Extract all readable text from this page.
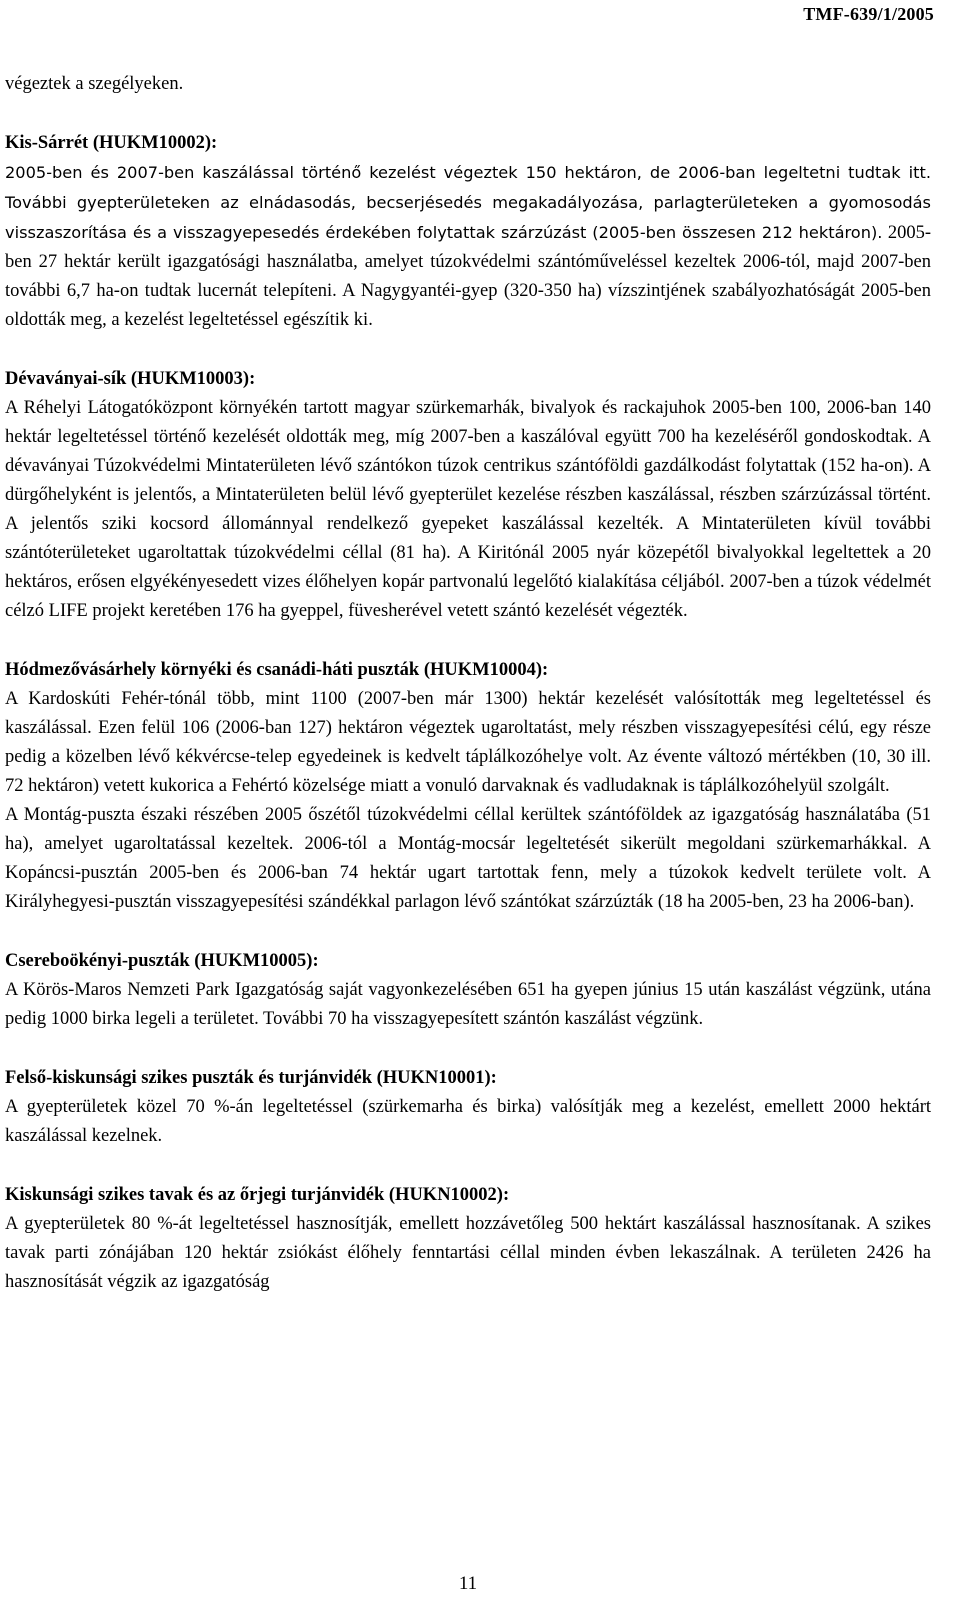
TMF-639/1/2005

végeztek a szegélyeken.

Kis-Sárrét (HUKM10002):

2005-ben és 2007-ben kaszálással történő kezelést végeztek 150 hektáron, de 2006-ban legeltetni tudtak itt. További gyepterületeken az elnádasodás, becserjésedés megakadályozása, parlagterületeken a gyomosodás visszaszorítása és a visszagyepesedés érdekében folytattak szárzúzást (2005-ben összesen 212 hektáron). 2005-ben 27 hektár került igazgatósági használatba, amelyet túzokvédelmi szántóműveléssel kezeltek 2006-tól, majd 2007-ben további 6,7 ha-on tudtak lucernát telepíteni. A Nagygyantéi-gyep (320-350 ha) vízszintjének szabályozhatóságát 2005-ben oldották meg, a kezelést legeltetéssel egészítik ki.

Dévaványai-sík (HUKM10003):

A Réhelyi Látogatóközpont környékén tartott magyar szürkemarhák, bivalyok és rackajuhok 2005-ben 100, 2006-ban 140 hektár legeltetéssel történő kezelését oldották meg, míg 2007-ben a kaszálóval együtt 700 ha kezeléséről gondoskodtak. A dévaványai Túzokvédelmi Mintaterületen lévő szántókon túzok centrikus szántóföldi gazdálkodást folytattak (152 ha-on). A dürgőhelyként is jelentős, a Mintaterületen belül lévő gyepterület kezelése részben kaszálással, részben szárzúzással történt. A jelentős sziki kocsord állománnyal rendelkező gyepeket kaszálással kezelték. A Mintaterületen kívül további szántóterületeket ugaroltattak túzokvédelmi céllal (81 ha). A Kiritónál 2005 nyár közepétől bivalyokkal legeltettek a 20 hektáros, erősen elgyékényesedett vizes élőhelyen kopár partvonalú legelőtó kialakítása céljából. 2007-ben a túzok védelmét célzó LIFE projekt keretében 176 ha gyeppel, füvesherével vetett szántó kezelését végezték.

Hódmezővásárhely környéki és csanádi-háti puszták (HUKM10004):

A Kardoskúti Fehér-tónál több, mint 1100 (2007-ben már 1300) hektár kezelését valósították meg legeltetéssel és kaszálással. Ezen felül 106 (2006-ban 127) hektáron végeztek ugaroltatást, mely részben visszagyepesítési célú, egy része pedig a közelben lévő kékvércse-telep egyedeinek is kedvelt táplálkozóhelye volt. Az évente változó mértékben (10, 30 ill. 72 hektáron) vetett kukorica a Fehértó közelsége miatt a vonuló darvaknak és vadludaknak is táplálkozóhelyül szolgált.

A Montág-puszta északi részében 2005 őszétől túzokvédelmi céllal kerültek szántóföldek az igazgatóság használatába (51 ha), amelyet ugaroltatással kezeltek. 2006-tól a Montág-mocsár legeltetését sikerült megoldani szürkemarhákkal. A Kopáncsi-pusztán 2005-ben és 2006-ban 74 hektár ugart tartottak fenn, mely a túzokok kedvelt területe volt. A Királyhegyesi-pusztán visszagyepesítési szándékkal parlagon lévő szántókat szárzúzták (18 ha 2005-ben, 23 ha 2006-ban).

Csereboökényi-puszták (HUKM10005):

A Körös-Maros Nemzeti Park Igazgatóság saját vagyonkezelésében 651 ha gyepen június 15 után kaszálást végzünk, utána pedig 1000 birka legeli a területet. További 70 ha visszagyepesített szántón kaszálást végzünk.

Felső-kiskunsági szikes puszták és turjánvidék (HUKN10001):

A gyepterületek közel 70 %-án legeltetéssel (szürkemarha és birka) valósítják meg a kezelést, emellett 2000 hektárt kaszálással kezelnek.

Kiskunsági szikes tavak és az őrjegi turjánvidék (HUKN10002):

A gyepterületek 80 %-át legeltetéssel hasznosítják, emellett hozzávetőleg 500 hektárt kaszálással hasznosítanak. A szikes tavak parti zónájában 120 hektár zsiókást élőhely fenntartási céllal minden évben lekaszálnak. A területen 2426 ha hasznosítását végzik az igazgatóság

11
